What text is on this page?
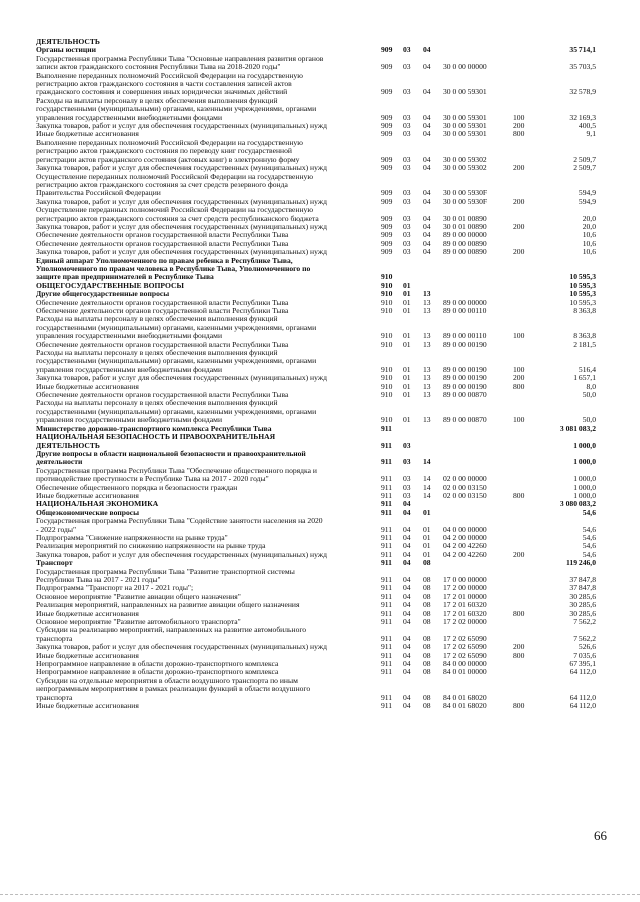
ДЕЯТЕЛЬНОСТЬ
Органы юстиции	909	03	04	35 714,1
Государственная программа Республики Тыва "Основные направления развития органов
записи актов гражданского состояния Республики Тыва на 2018-2020 годы"	909	03	04	30 0 00 00000	35 703,5
Выполнение переданных полномочий Российской Федерации на государственную
регистрацию актов гражданского состояния в части составления записей актов
гражданского состояния и совершения иных юридически значимых действий	909	03	04	30 0 00 59301	32 578,9
Расходы на выплаты персоналу в целях обеспечения выполнения функций
государственными (муниципальными) органами, казенными учреждениями, органами
управления государственными внебюджетными фондами	909	03	04	30 0 00 59301	100	32 169,3
Закупка товаров, работ и услуг для обеспечения государственных (муниципальных) нужд	909	03	04	30 0 00 59301	200	400,5
Иные бюджетные ассигнования	909	03	04	30 0 00 59301	800	9,1
Выполнение переданных полномочий Российской Федерации на государственную
регистрацию актов гражданского состояния по переводу книг государственной
регистрации актов гражданского состояния (актовых книг) в электронную форму	909	03	04	30 0 00 59302	2 509,7
Закупка товаров, работ и услуг для обеспечения государственных (муниципальных) нужд	909	03	04	30 0 00 59302	200	2 509,7
Осуществление переданных полномочий Российской Федерации на государственную
регистрацию актов гражданского состояния за счет средств резервного фонда
Правительства Российской Федерации	909	03	04	30 0 00 5930F	594,9
Закупка товаров, работ и услуг для обеспечения государственных (муниципальных) нужд	909	03	04	30 0 00 5930F	200	594,9
Осуществление переданных полномочий Российской Федерации на государственную
регистрацию актов гражданского состояния за счет средств республиканского бюджета	909	03	04	30 0 01 00890	20,0
Закупка товаров, работ и услуг для обеспечения государственных (муниципальных) нужд	909	03	04	30 0 01 00890	200	20,0
Обеспечение деятельности органов государственной власти Республики Тыва	909	03	04	89 0 00 00000	10,6
Обеспечение деятельности органов государственной власти Республики Тыва	909	03	04	89 0 00 00890	10,6
Закупка товаров, работ и услуг для обеспечения государственных (муниципальных) нужд	909	03	04	89 0 00 00890	200	10,6
Единый аппарат Уполномоченного по правам ребенка в Республике Тыва,
Уполномоченного по правам человека в Республике Тыва, Уполномоченного по
защите прав предпринимателей в Республике Тыва	910	10 595,3
ОБЩЕГОСУДАРСТВЕННЫЕ ВОПРОСЫ	910	01	10 595,3
Другие общегосударственные вопросы	910	01	13	10 595,3
Обеспечение деятельности органов государственной власти Республики Тыва	910	01	13	89 0 00 00000	10 595,3
Обеспечение деятельности органов государственной власти Республики Тыва	910	01	13	89 0 00 00110	8 363,8
Расходы на выплаты персоналу в целях обеспечения выполнения функций
государственными (муниципальными) органами, казенными учреждениями, органами
управления государственными внебюджетными фондами	910	01	13	89 0 00 00110	100	8 363,8
Обеспечение деятельности органов государственной власти Республики Тыва	910	01	13	89 0 00 00190	2 181,5
Расходы на выплаты персоналу в целях обеспечения выполнения функций
государственными (муниципальными) органами, казенными учреждениями, органами
управления государственными внебюджетными фондами	910	01	13	89 0 00 00190	100	516,4
Закупка товаров, работ и услуг для обеспечения государственных (муниципальных) нужд	910	01	13	89 0 00 00190	200	1 657,1
Иные бюджетные ассигнования	910	01	13	89 0 00 00190	800	8,0
Обеспечение деятельности органов государственной власти Республики Тыва	910	01	13	89 0 00 00870	50,0
Расходы на выплаты персоналу в целях обеспечения выполнения функций
государственными (муниципальными) органами, казенными учреждениями, органами
управления государственными внебюджетными фондами	910	01	13	89 0 00 00870	100	50,0
Министерство дорожно-транспортного комплекса Республики Тыва	911	3 081 083,2
НАЦИОНАЛЬНАЯ БЕЗОПАСНОСТЬ И ПРАВООХРАНИТЕЛЬНАЯ
ДЕЯТЕЛЬНОСТЬ	911	03	1 000,0
Другие вопросы в области национальной безопасности и правоохранительной
деятельности	911	03	14	1 000,0
Государственная программа Республики Тыва "Обеспечение общественного порядка и
противодействие преступности в Республике Тыва на 2017 - 2020 годы"	911	03	14	02 0 00 00000	1 000,0
Обеспечение общественного порядка и безопасности граждан	911	03	14	02 0 00 03150	1 000,0
Иные бюджетные ассигнования	911	03	14	02 0 00 03150	800	1 000,0
НАЦИОНАЛЬНАЯ ЭКОНОМИКА	911	04	3 080 083,2
Общеэкономические вопросы	911	04	01	54,6
Государственная программа Республики Тыва "Содействие занятости населения на 2020
- 2022 годы"	911	04	01	04 0 00 00000	54,6
Подпрограмма "Снижение напряженности на рынке труда"	911	04	01	04 2 00 00000	54,6
Реализация мероприятий по снижению напряженности на рынке труда	911	04	01	04 2 00 42260	54,6
Закупка товаров, работ и услуг для обеспечения государственных (муниципальных) нужд	911	04	01	04 2 00 42260	200	54,6
Транспорт	911	04	08	119 246,0
Государственная программа Республики Тыва "Развитие транспортной системы
Республики Тыва на 2017 - 2021 годы"	911	04	08	17 0 00 00000	37 847,8
Подпрограмма "Транспорт на 2017 - 2021 годы";	911	04	08	17 2 00 00000	37 847,8
Основное мероприятие "Развитие авиации общего назначения"	911	04	08	17 2 01 00000	30 285,6
Реализация мероприятий, направленных на развитие авиации общего назначения	911	04	08	17 2 01 60320	30 285,6
Иные бюджетные ассигнования	911	04	08	17 2 01 60320	800	30 285,6
Основное мероприятие "Развитие автомобильного транспорта"	911	04	08	17 2 02 00000	7 562,2
Субсидии на реализацию мероприятий, направленных на развитие автомобильного
транспорта	911	04	08	17 2 02 65090	7 562,2
Закупка товаров, работ и услуг для обеспечения государственных (муниципальных) нужд	911	04	08	17 2 02 65090	200	526,6
Иные бюджетные ассигнования	911	04	08	17 2 02 65090	800	7 035,6
Непрограммное направление в области дорожно-транспортного комплекса	911	04	08	84 0 00 00000	67 395,1
Непрограммное направление в области дорожно-транспортного комплекса	911	04	08	84 0 01 00000	64 112,0
Субсидии на отдельные мероприятия в области воздушного транспорта по иным
непрограммным мероприятиям в рамках реализации функций в области воздушного
транспорта	911	04	08	84 0 01 68020	64 112,0
Иные бюджетные ассигнования	911	04	08	84 0 01 68020	800	64 112,0
66
